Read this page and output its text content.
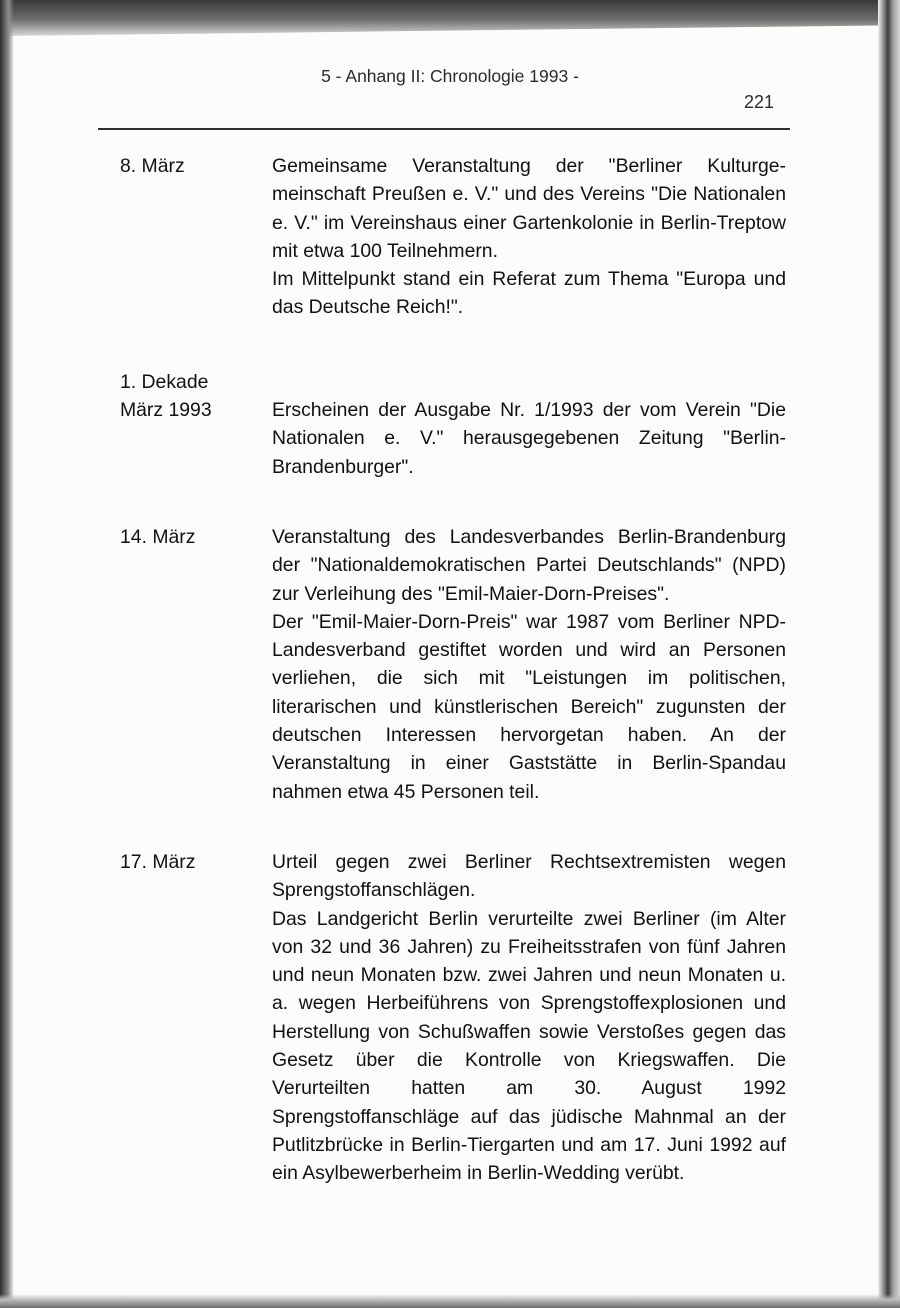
5 - Anhang II: Chronologie 1993 -
221
8. März	Gemeinsame Veranstaltung der "Berliner Kulturgemeinschaft Preußen e. V." und des Vereins "Die Nationalen e. V." im Vereinshaus einer Gartenkolonie in Berlin-Treptow mit etwa 100 Teilnehmern.

Im Mittelpunkt stand ein Referat zum Thema "Europa und das Deutsche Reich!".

1. Dekade
März 1993	Erscheinen der Ausgabe Nr. 1/1993 der vom Verein "Die Nationalen e. V." herausgegebenen Zeitung "Berlin-Brandenburger".

14. März	Veranstaltung des Landesverbandes Berlin-Brandenburg der "Nationaldemokratischen Partei Deutschlands" (NPD) zur Verleihung des "Emil-Maier-Dorn-Preises".

Der "Emil-Maier-Dorn-Preis" war 1987 vom Berliner NPD-Landesverband gestiftet worden und wird an Personen verliehen, die sich mit "Leistungen im politischen, literarischen und künstlerischen Bereich" zugunsten der deutschen Interessen hervorgetan haben. An der Veranstaltung in einer Gaststätte in Berlin-Spandau nahmen etwa 45 Personen teil.

17. März	Urteil gegen zwei Berliner Rechtsextremisten wegen Sprengstoffanschlägen.

Das Landgericht Berlin verurteilte zwei Berliner (im Alter von 32 und 36 Jahren) zu Freiheitsstrafen von fünf Jahren und neun Monaten bzw. zwei Jahren und neun Monaten u. a. wegen Herbeiführens von Sprengstoffexplosionen und Herstellung von Schußwaffen sowie Verstoßes gegen das Gesetz über die Kontrolle von Kriegswaffen. Die Verurteilten hatten am 30. August 1992 Sprengstoffanschläge auf das jüdische Mahnmal an der Putlitzbrücke in Berlin-Tiergarten und am 17. Juni 1992 auf ein Asylbewerberheim in Berlin-Wedding verübt.
